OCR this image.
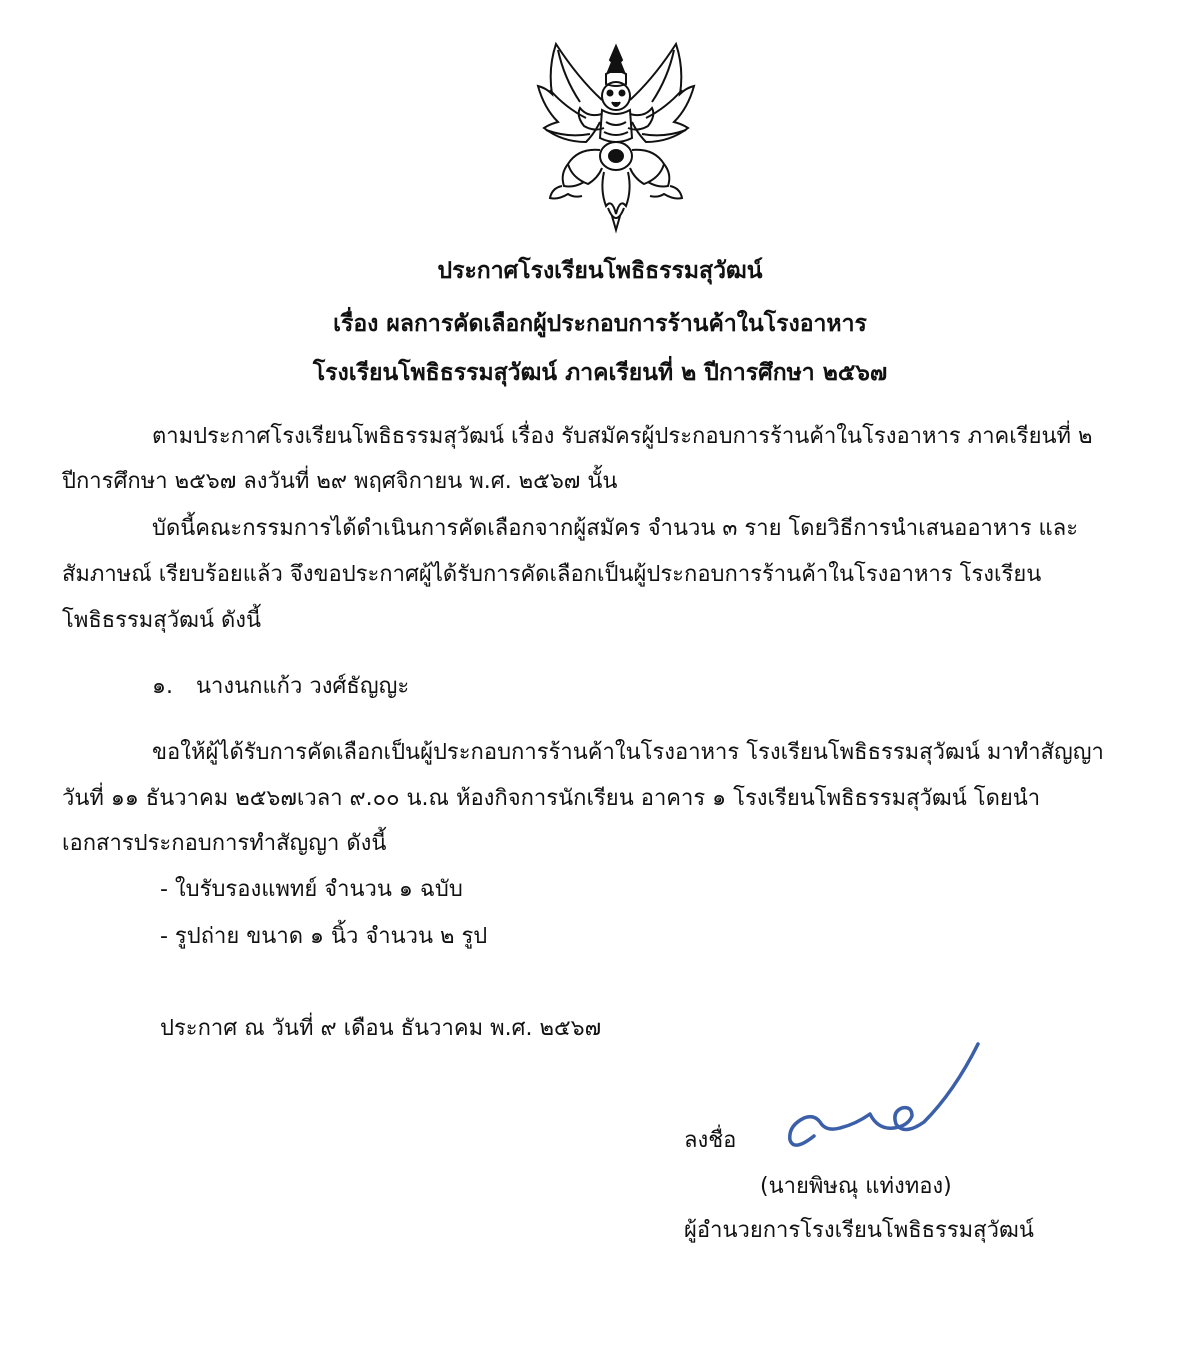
ประกาศโรงเรียนโพธิธรรมสุวัฒน์
เรื่อง ผลการคัดเลือกผู้ประกอบการร้านค้าในโรงอาหาร
โรงเรียนโพธิธรรมสุวัฒน์ ภาคเรียนที่ ๒ ปีการศึกษา ๒๕๖๗
ตามประกาศโรงเรียนโพธิธรรมสุวัฒน์ เรื่อง รับสมัครผู้ประกอบการร้านค้าในโรงอาหาร ภาคเรียนที่ ๒
ปีการศึกษา ๒๕๖๗ ลงวันที่ ๒๙ พฤศจิกายน พ.ศ. ๒๕๖๗ นั้น
บัดนี้คณะกรรมการได้ดำเนินการคัดเลือกจากผู้สมัคร จำนวน ๓ ราย โดยวิธีการนำเสนออาหาร และ
สัมภาษณ์ เรียบร้อยแล้ว จึงขอประกาศผู้ได้รับการคัดเลือกเป็นผู้ประกอบการร้านค้าในโรงอาหาร โรงเรียน
โพธิธรรมสุวัฒน์ ดังนี้
๑. นางนกแก้ว วงศ์ธัญญะ
ขอให้ผู้ได้รับการคัดเลือกเป็นผู้ประกอบการร้านค้าในโรงอาหาร โรงเรียนโพธิธรรมสุวัฒน์ มาทำสัญญา
วันที่ ๑๑ ธันวาคม ๒๕๖๗เวลา ๙.๐๐ น.ณ ห้องกิจการนักเรียน อาคาร ๑ โรงเรียนโพธิธรรมสุวัฒน์ โดยนำ
เอกสารประกอบการทำสัญญา ดังนี้
- ใบรับรองแพทย์ จำนวน ๑ ฉบับ
- รูปถ่าย ขนาด ๑ นิ้ว จำนวน ๒ รูป
ประกาศ ณ วันที่ ๙ เดือน ธันวาคม พ.ศ. ๒๕๖๗
ลงชื่อ
(นายพิษณุ แท่งทอง)
ผู้อำนวยการโรงเรียนโพธิธรรมสุวัฒน์
